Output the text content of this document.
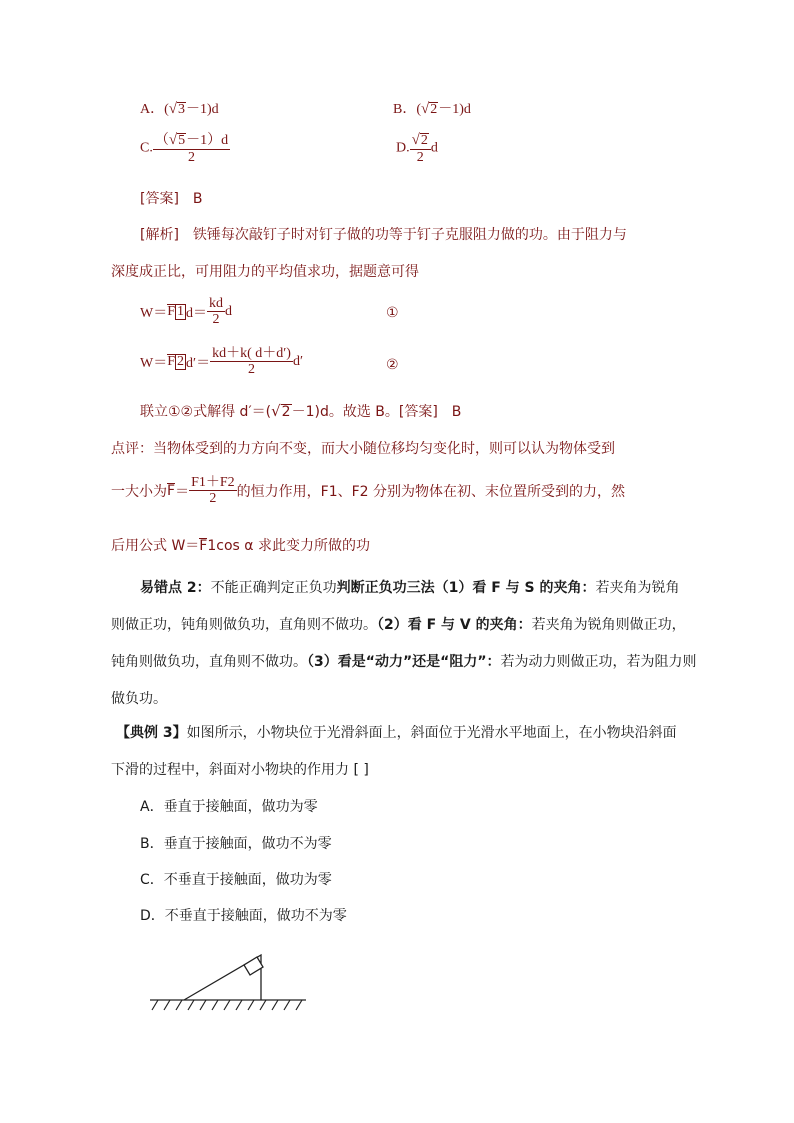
A．(√3－1)d	B．(√2－1)d
C. $\frac{(√5-1)d}{2}$	D. $\frac{√2}{2}$ d
[答案]　B
[解析]　铁锤每次敲钉子时对钉子做的功等于钉子克服阻力做的功。由于阻力与
深度成正比，可用阻力的平均值求功，据题意可得
W＝F 1 $d= \frac{kd}{2}$ d	①
W＝F 2 $d'= \frac{kd+k( d+d')}{2} d'$	②
联立①②式解得 d′＝(√2－1)d。故选 B。[答案]　B
点评：当物体受到的力方向不变，而大小随位移均匀变化时，则可以认为物体受到
一大小为$F= \frac{F1+F2}{2}$ 的恒力作用，F1、F2 分别为物体在初、末位置所受到的力，然
后用公式 W＝F1cos α 求此变力所做的功
易错点 2：不能正确判定正负功判断正负功三法（1）看 F 与 S 的夹角：若夹角为锐角
则做正功，钝角则做负功，直角则不做功。（2）看 F 与 V 的夹角：若夹角为锐角则做正功，
钝角则做负功，直角则不做功。（3）看是“动力”还是“阻力”：若为动力则做正功，若为阻力则
做负功。
【典例 3】如图所示，小物块位于光滑斜面上，斜面位于光滑水平地面上，在小物块沿斜面
下滑的过程中，斜面对小物块的作用力 [ ]
A．垂直于接触面，做功为零
B．垂直于接触面，做功不为零
C．不垂直于接触面，做功为零
D．不垂直于接触面，做功不为零
